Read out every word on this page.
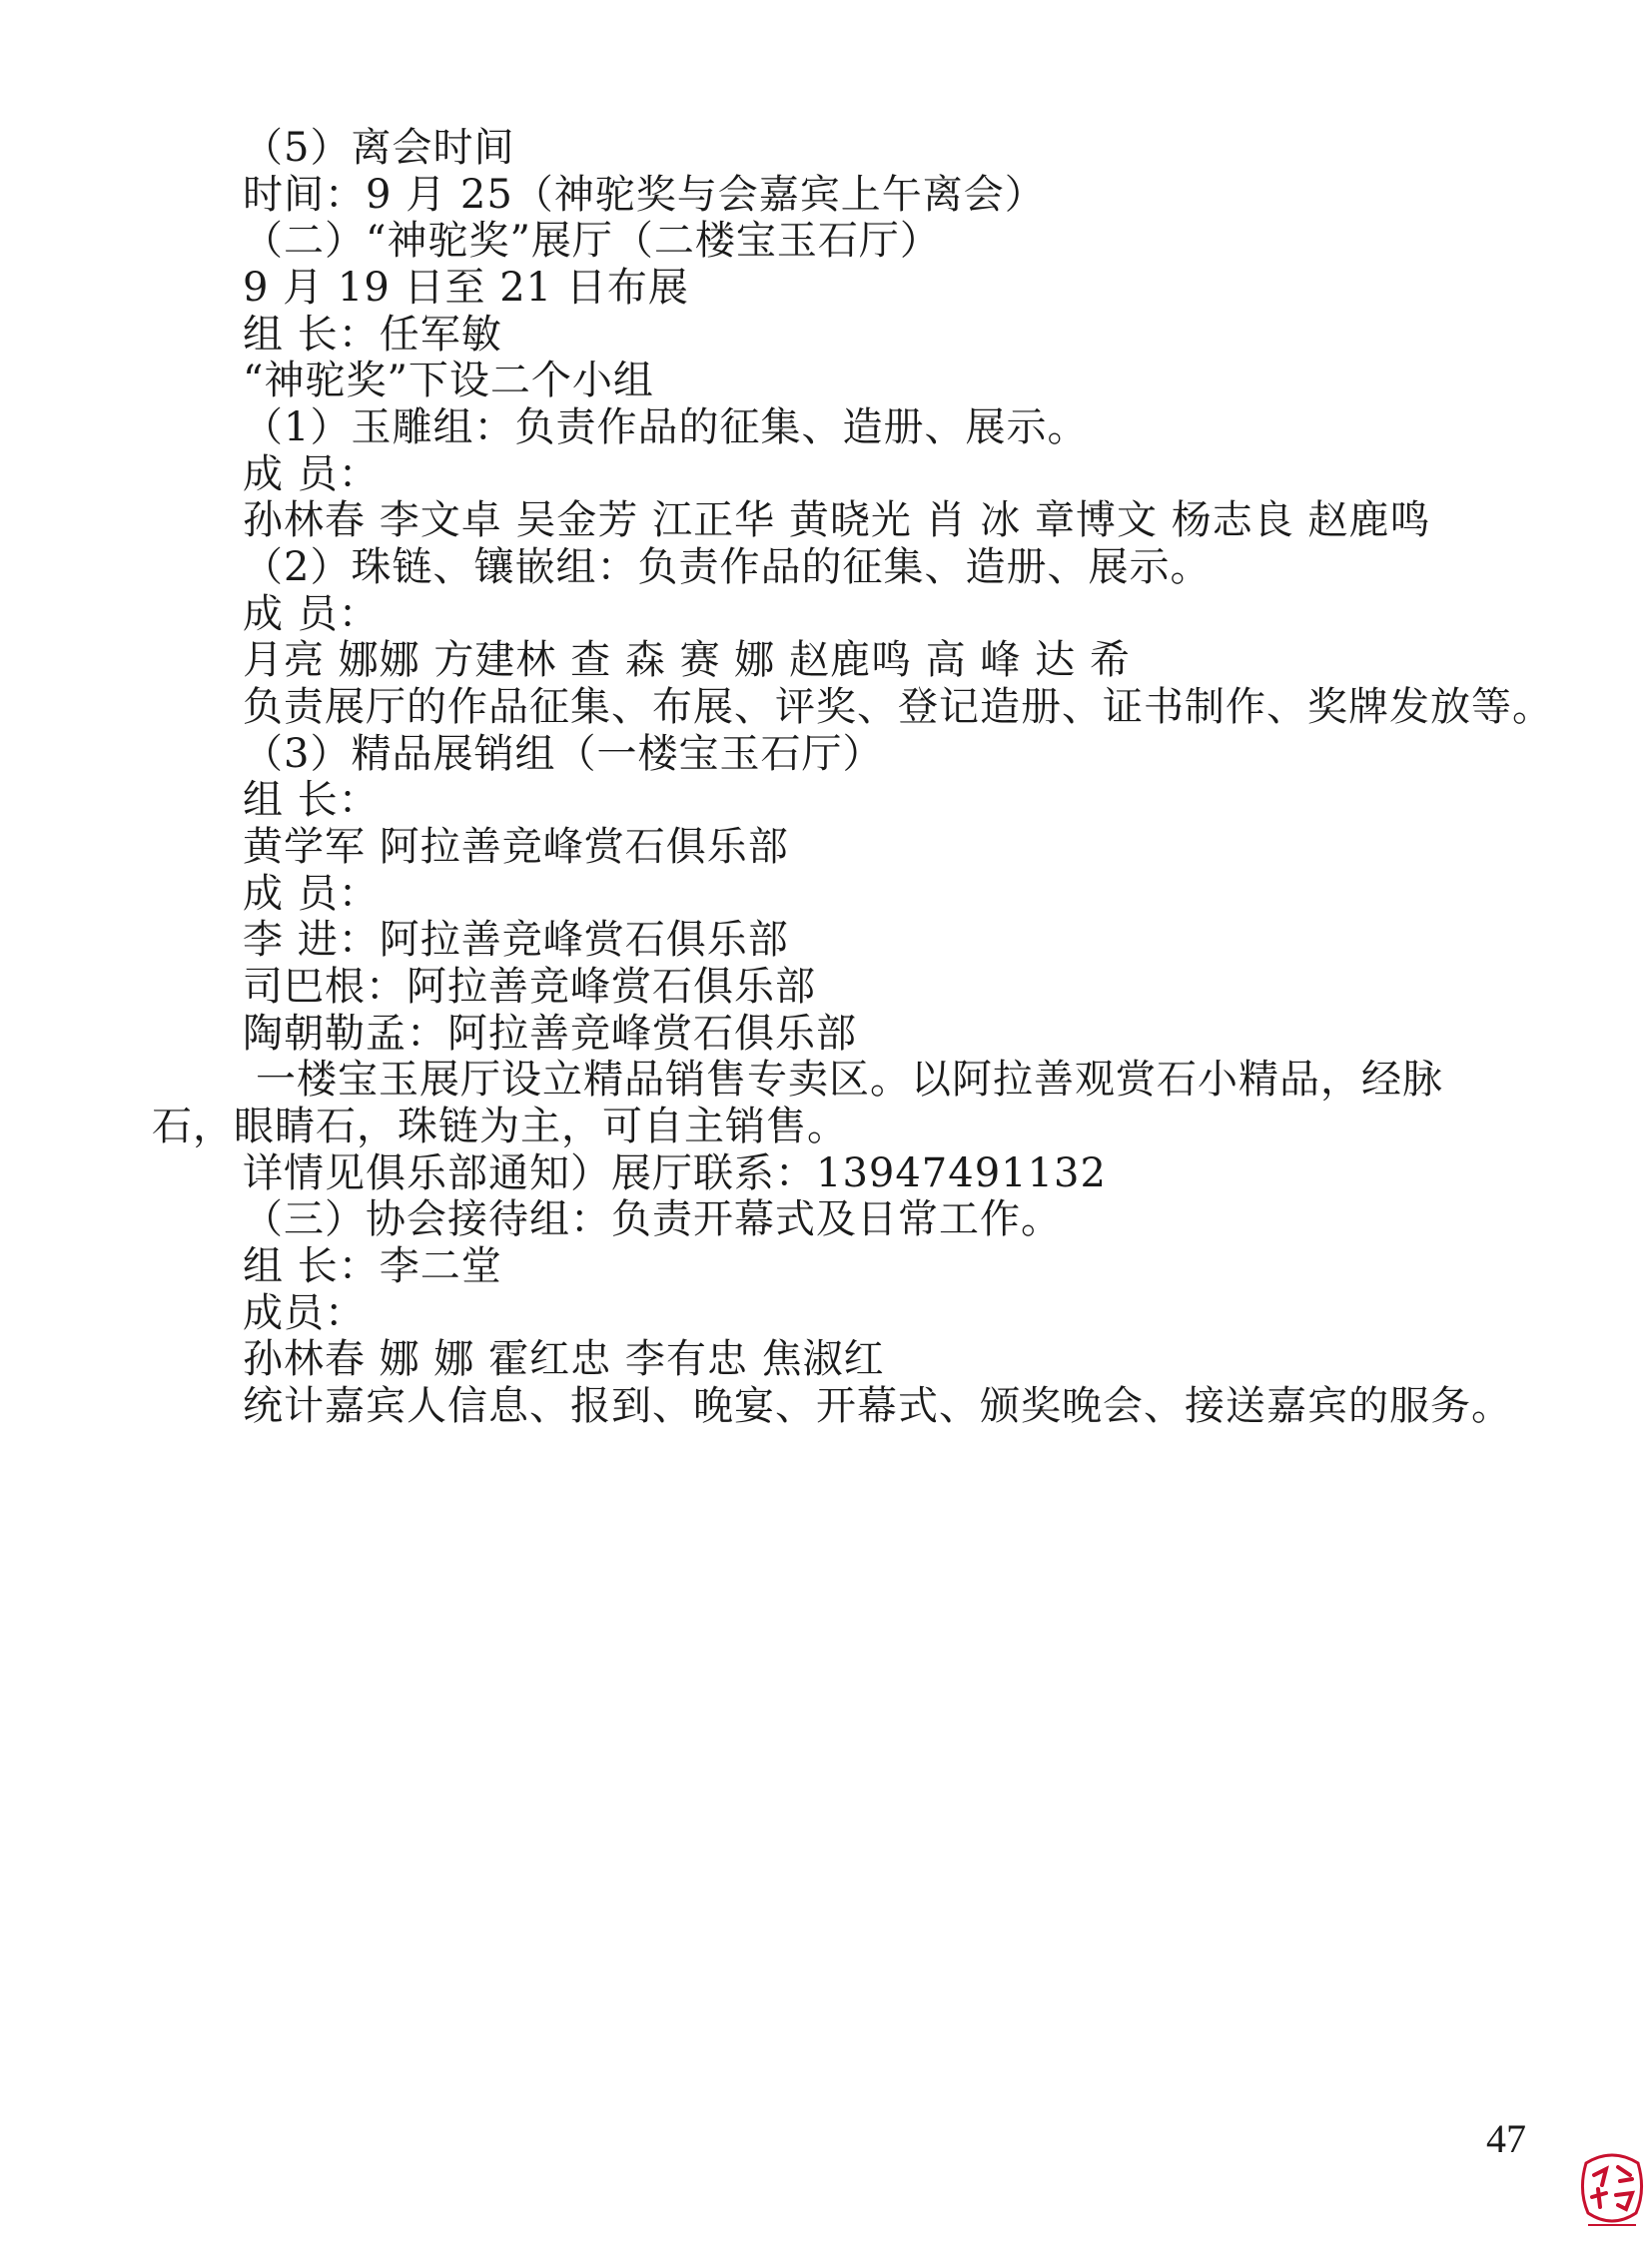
（5）离会时间
时间：9 月 25（神驼奖与会嘉宾上午离会）
（二）“神驼奖”展厅（二楼宝玉石厅）
9 月 19 日至 21 日布展
组 长：任军敏
“神驼奖”下设二个小组
（1）玉雕组：负责作品的征集、造册、展示。
成 员：
孙林春 李文卓 吴金芳 江正华 黄晓光 肖 冰 章博文 杨志良 赵鹿鸣
（2）珠链、镶嵌组：负责作品的征集、造册、展示。
成 员：
月亮 娜娜 方建林 查 森 赛 娜 赵鹿鸣 高 峰 达 希
负责展厅的作品征集、布展、评奖、登记造册、证书制作、奖牌发放等。
（3）精品展销组（一楼宝玉石厅）
组 长：
黄学军 阿拉善竞峰赏石俱乐部
成 员：
李 进：阿拉善竞峰赏石俱乐部
司巴根：阿拉善竞峰赏石俱乐部
陶朝勒孟：阿拉善竞峰赏石俱乐部
一楼宝玉展厅设立精品销售专卖区。以阿拉善观赏石小精品，经脉
石，眼睛石，珠链为主，可自主销售。
详情见俱乐部通知）展厅联系：13947491132
（三）协会接待组：负责开幕式及日常工作。
组 长：李二堂
成员：
孙林春 娜 娜 霍红忠 李有忠 焦淑红
统计嘉宾人信息、报到、晚宴、开幕式、颁奖晚会、接送嘉宾的服务。
47
